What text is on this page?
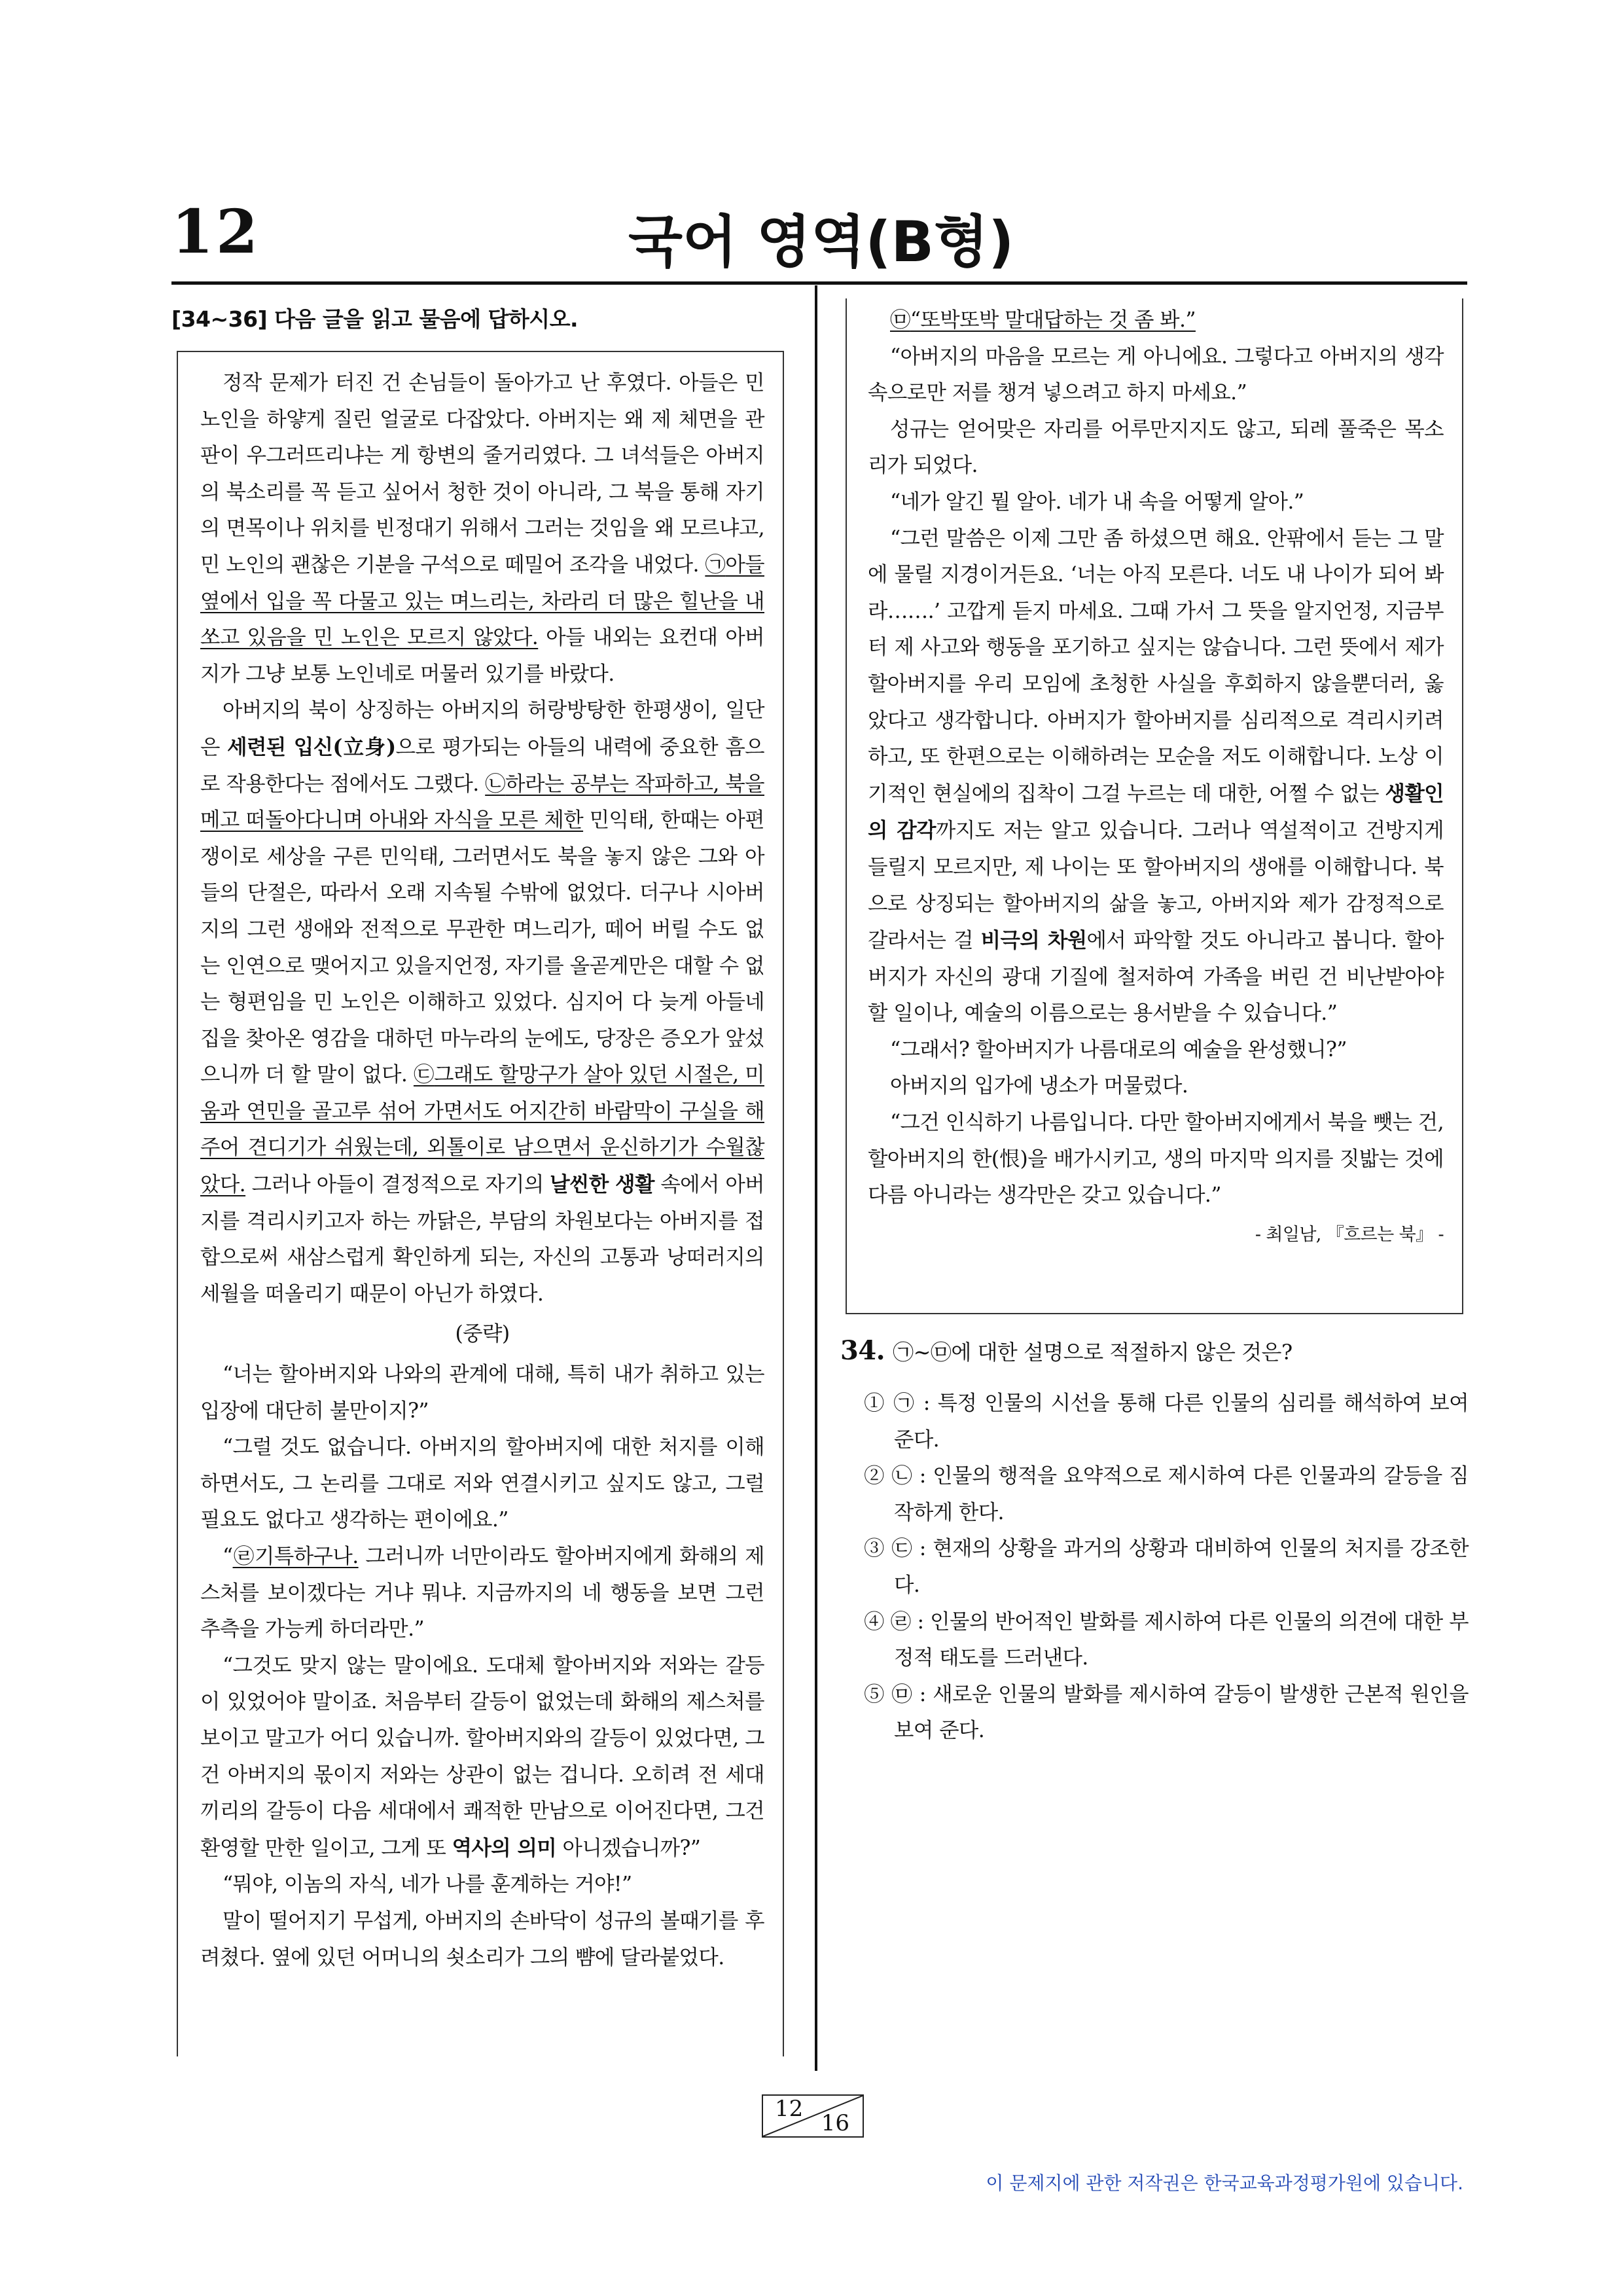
12	국어 영역(B형)
[34∼36] 다음 글을 읽고 물음에 답하시오.

정작 문제가 터진 건 손님들이 돌아가고 난 후였다. 아들은 민 노인을 하얗게 질린 얼굴로 다잡았다. 아버지는 왜 제 체면을 관판이 우그러뜨리냐는 게 항변의 줄거리였다. 그 녀석들은 아버지의 북소리를 꼭 듣고 싶어서 청한 것이 아니라, 그 북을 통해 자기의 면목이나 위치를 빈정대기 위해서 그러는 것임을 왜 모르냐고, 민 노인의 괜찮은 기분을 구석으로 떼밀어 조각을 내었다. ㉠아들 옆에서 입을 꼭 다물고 있는 며느리는, 차라리 더 많은 힐난을 내쏘고 있음을 민 노인은 모르지 않았다. 아들 내외는 요컨대 아버지가 그냥 보통 노인네로 머물러 있기를 바랐다.

아버지의 북이 상징하는 아버지의 허랑방탕한 한평생이, 일단은 세련된 입신(立身)으로 평가되는 아들의 내력에 중요한 흠으로 작용한다는 점에서도 그랬다. ㉡하라는 공부는 작파하고, 북을 메고 떠돌아다니며 아내와 자식을 모른 체한 민익태, 한때는 아편쟁이로 세상을 구른 민익태, 그러면서도 북을 놓지 않은 그와 아들의 단절은, 따라서 오래 지속될 수밖에 없었다. 더구나 시아버지의 그런 생애와 전적으로 무관한 며느리가, 떼어 버릴 수도 없는 인연으로 맺어지고 있을지언정, 자기를 올곧게만은 대할 수 없는 형편임을 민 노인은 이해하고 있었다. 심지어 다 늦게 아들네 집을 찾아온 영감을 대하던 마누라의 눈에도, 당장은 증오가 앞섰으니까 더 할 말이 없다. ㉢그래도 할망구가 살아 있던 시절은, 미움과 연민을 골고루 섞어 가면서도 어지간히 바람막이 구실을 해 주어 견디기가 쉬웠는데, 외톨이로 남으면서 운신하기가 수월찮았다. 그러나 아들이 결정적으로 자기의 날씬한 생활 속에서 아버지를 격리시키고자 하는 까닭은, 부담의 차원보다는 아버지를 접합으로써 새삼스럽게 확인하게 되는, 자신의 고통과 낭떠러지의 세월을 떠올리기 때문이 아닌가 하였다.

(중략)

“너는 할아버지와 나와의 관계에 대해, 특히 내가 취하고 있는 입장에 대단히 불만이지?”

“그럴 것도 없습니다. 아버지의 할아버지에 대한 처지를 이해하면서도, 그 논리를 그대로 저와 연결시키고 싶지도 않고, 그럴 필요도 없다고 생각하는 편이에요.”

“㉣기특하구나. 그러니까 너만이라도 할아버지에게 화해의 제스처를 보이겠다는 거냐 뭐냐. 지금까지의 네 행동을 보면 그런 추측을 가능케 하더라만.”

“그것도 맞지 않는 말이에요. 도대체 할아버지와 저와는 갈등이 있었어야 말이죠. 처음부터 갈등이 없었는데 화해의 제스처를 보이고 말고가 어디 있습니까. 할아버지와의 갈등이 있었다면, 그건 아버지의 몫이지 저와는 상관이 없는 겁니다. 오히려 전 세대끼리의 갈등이 다음 세대에서 쾌적한 만남으로 이어진다면, 그건 환영할 만한 일이고, 그게 또 역사의 의미 아니겠습니까?”

“뭐야, 이놈의 자식, 네가 나를 훈계하는 거야!”

말이 떨어지기 무섭게, 아버지의 손바닥이 성규의 볼때기를 후려쳤다. 옆에 있던 어머니의 쇳소리가 그의 뺨에 달라붙었다.

㉤“또박또박 말대답하는 것 좀 봐.”

“아버지의 마음을 모르는 게 아니에요. 그렇다고 아버지의 생각 속으로만 저를 챙겨 넣으려고 하지 마세요.”

성규는 얻어맞은 자리를 어루만지지도 않고, 되레 풀죽은 목소리가 되었다.

“네가 알긴 뭘 알아. 네가 내 속을 어떻게 알아.”

“그런 말씀은 이제 그만 좀 하셨으면 해요. 안팎에서 듣는 그 말에 물릴 지경이거든요. ‘너는 아직 모른다. 너도 내 나이가 되어 봐라…….’ 고깝게 듣지 마세요. 그때 가서 그 뜻을 알지언정, 지금부터 제 사고와 행동을 포기하고 싶지는 않습니다. 그런 뜻에서 제가 할아버지를 우리 모임에 초청한 사실을 후회하지 않을뿐더러, 옳았다고 생각합니다. 아버지가 할아버지를 심리적으로 격리시키려 하고, 또 한편으로는 이해하려는 모순을 저도 이해합니다. 노상 이기적인 현실에의 집착이 그걸 누르는 데 대한, 어쩔 수 없는 생활인의 감각까지도 저는 알고 있습니다. 그러나 역설적이고 건방지게 들릴지 모르지만, 제 나이는 또 할아버지의 생애를 이해합니다. 북으로 상징되는 할아버지의 삶을 놓고, 아버지와 제가 감정적으로 갈라서는 걸 비극의 차원에서 파악할 것도 아니라고 봅니다. 할아버지가 자신의 광대 기질에 철저하여 가족을 버린 건 비난받아야 할 일이나, 예술의 이름으로는 용서받을 수 있습니다.”

“그래서? 할아버지가 나름대로의 예술을 완성했니?”

아버지의 입가에 냉소가 머물렀다.

“그건 인식하기 나름입니다. 다만 할아버지에게서 북을 뺏는 건, 할아버지의 한(恨)을 배가시키고, 생의 마지막 의지를 짓밟는 것에 다름 아니라는 생각만은 갖고 있습니다.”

- 최일남, 『흐르는 북』 -

34. ㉠∼㉤에 대한 설명으로 적절하지 않은 것은?
① ㉠ : 특정 인물의 시선을 통해 다른 인물의 심리를 해석하여 보여 준다.
② ㉡ : 인물의 행적을 요약적으로 제시하여 다른 인물과의 갈등을 짐작하게 한다.
③ ㉢ : 현재의 상황을 과거의 상황과 대비하여 인물의 처지를 강조한다.
④ ㉣ : 인물의 반어적인 발화를 제시하여 다른 인물의 의견에 대한 부정적 태도를 드러낸다.
⑤ ㉤ : 새로운 인물의 발화를 제시하여 갈등이 발생한 근본적 원인을 보여 준다.
12
16
이 문제지에 관한 저작권은 한국교육과정평가원에 있습니다.
